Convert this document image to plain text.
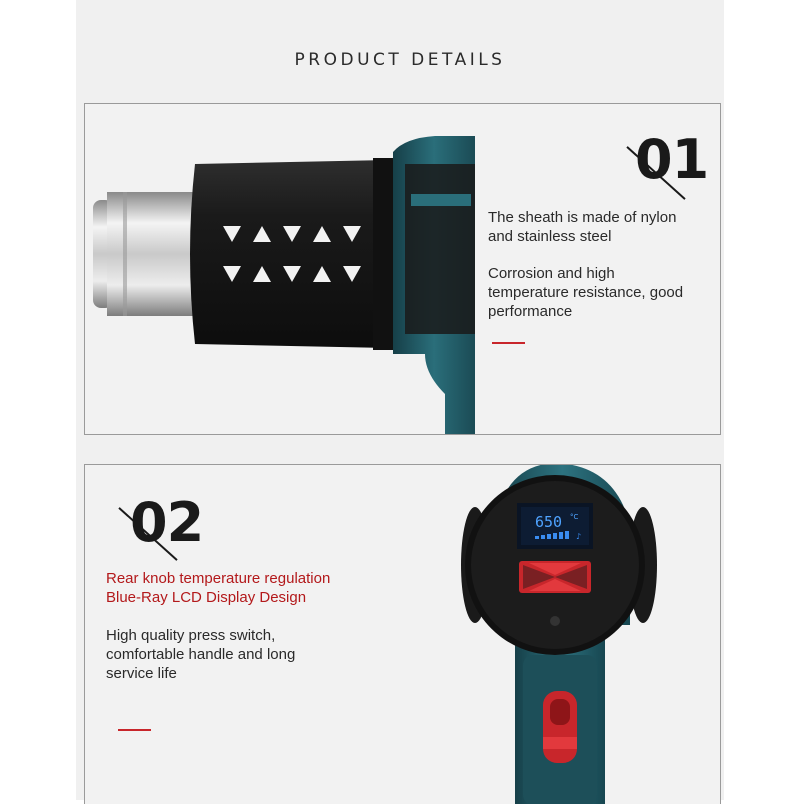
PRODUCT DETAILS
01
The sheath is made of nylon
and stainless steel
Corrosion and high
temperature resistance, good
performance
02
Rear knob temperature regulation
Blue-Ray LCD Display Design
High quality press switch,
comfortable handle and long
service life
650 °C
♪
